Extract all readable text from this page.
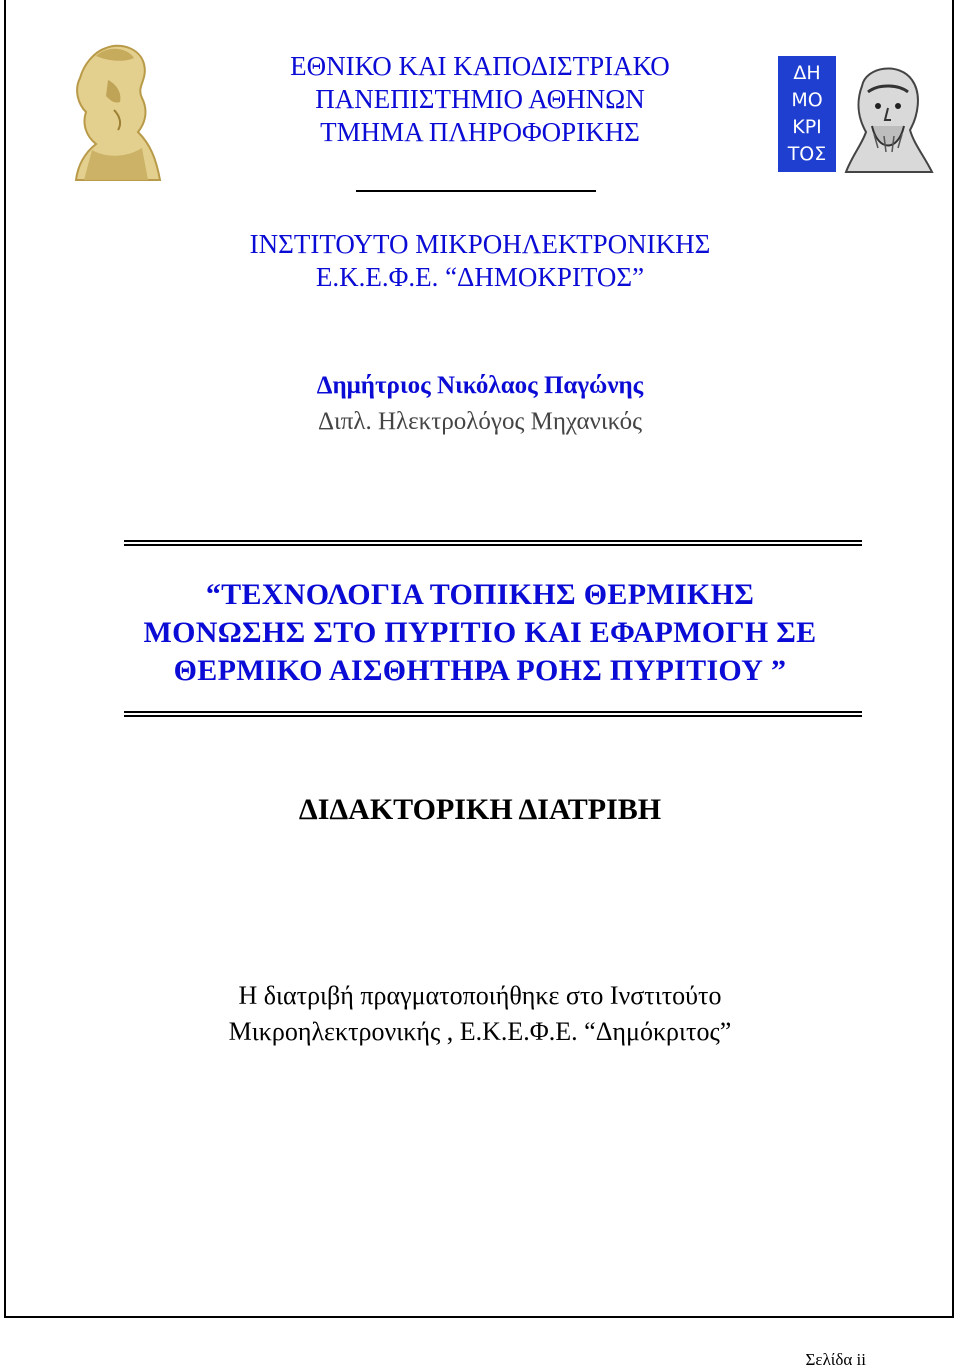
ΔΗ
ΜΟ
ΚΡΙ
ΤΟΣ
ΕΘΝΙΚΟ ΚΑΙ ΚΑΠΟΔΙΣΤΡΙΑΚΟ
ΠΑΝΕΠΙΣΤΗΜΙΟ ΑΘΗΝΩΝ
ΤΜΗΜΑ ΠΛΗΡΟΦΟΡΙΚΗΣ
ΙΝΣΤΙΤΟΥΤΟ ΜΙΚΡΟΗΛΕΚΤΡΟΝΙΚΗΣ
Ε.Κ.Ε.Φ.Ε. “ΔΗΜΟΚΡΙΤΟΣ”
Δημήτριος Νικόλαος Παγώνης
Διπλ. Ηλεκτρολόγος Μηχανικός
“ΤΕΧΝΟΛΟΓΙΑ ΤΟΠΙΚΗΣ ΘΕΡΜΙΚΗΣ
ΜΟΝΩΣΗΣ ΣΤΟ ΠΥΡΙΤΙΟ ΚΑΙ ΕΦΑΡΜΟΓΗ ΣΕ
ΘΕΡΜΙΚΟ ΑΙΣΘΗΤΗΡΑ ΡΟΗΣ ΠΥΡΙΤΙΟΥ ”
ΔΙΔΑΚΤΟΡΙΚΗ ΔΙΑΤΡΙΒΗ
Η διατριβή πραγματοποιήθηκε στο Ινστιτούτο
Μικροηλεκτρονικής , Ε.Κ.Ε.Φ.Ε. “Δημόκριτος”
Σελίδα ii
